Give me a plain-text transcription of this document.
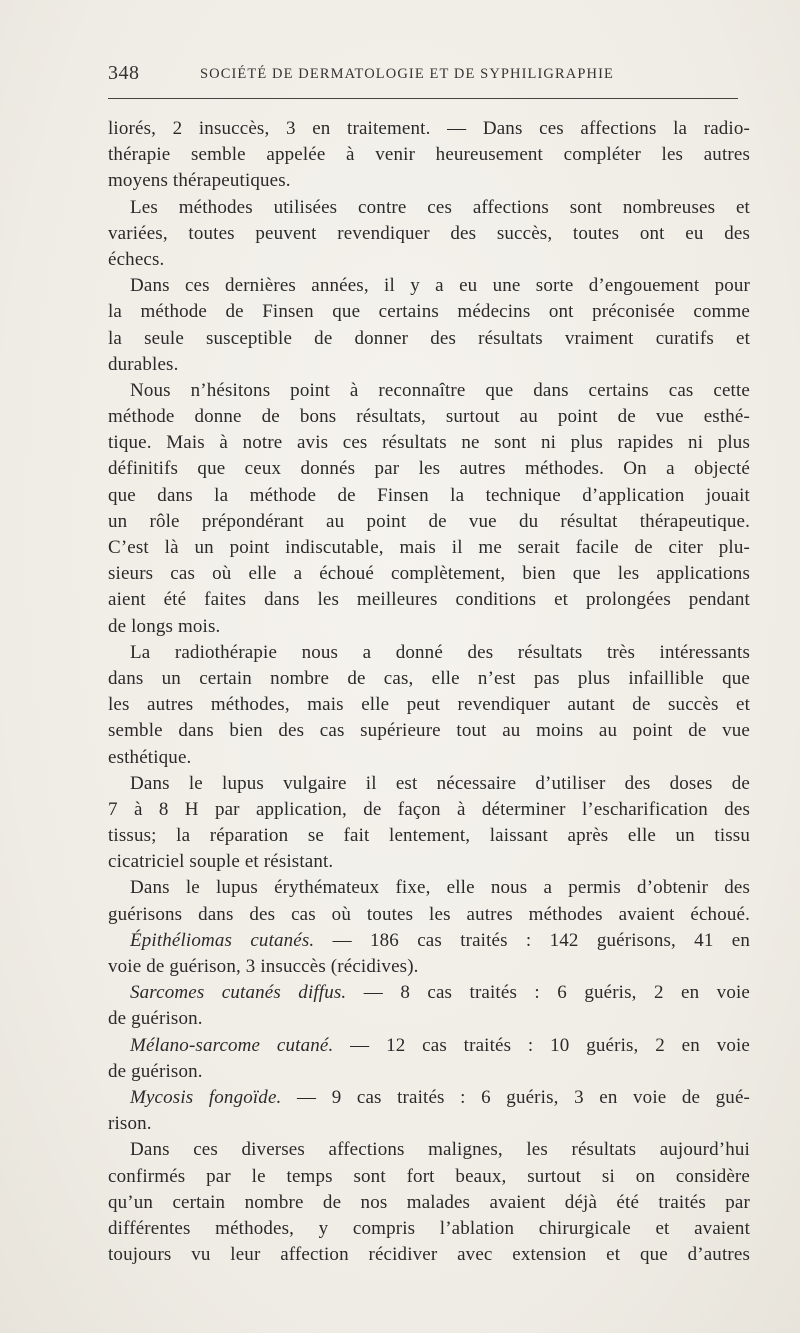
348	SOCIÉTÉ DE DERMATOLOGIE ET DE SYPHILIGRAPHIE
liorés, 2 insuccès, 3 en traitement. — Dans ces affections la radio-
thérapie semble appelée à venir heureusement compléter les autres
moyens thérapeutiques.
Les méthodes utilisées contre ces affections sont nombreuses et
variées, toutes peuvent revendiquer des succès, toutes ont eu des
échecs.
Dans ces dernières années, il y a eu une sorte d’engouement pour
la méthode de Finsen que certains médecins ont préconisée comme
la seule susceptible de donner des résultats vraiment curatifs et
durables.
Nous n’hésitons point à reconnaître que dans certains cas cette
méthode donne de bons résultats, surtout au point de vue esthé-
tique. Mais à notre avis ces résultats ne sont ni plus rapides ni plus
définitifs que ceux donnés par les autres méthodes. On a objecté
que dans la méthode de Finsen la technique d’application jouait
un rôle prépondérant au point de vue du résultat thérapeutique.
C’est là un point indiscutable, mais il me serait facile de citer plu-
sieurs cas où elle a échoué complètement, bien que les applications
aient été faites dans les meilleures conditions et prolongées pendant
de longs mois.
La radiothérapie nous a donné des résultats très intéressants
dans un certain nombre de cas, elle n’est pas plus infaillible que
les autres méthodes, mais elle peut revendiquer autant de succès et
semble dans bien des cas supérieure tout au moins au point de vue
esthétique.
Dans le lupus vulgaire il est nécessaire d’utiliser des doses de
7 à 8 H par application, de façon à déterminer l’escharification des
tissus; la réparation se fait lentement, laissant après elle un tissu
cicatriciel souple et résistant.
Dans le lupus érythémateux fixe, elle nous a permis d’obtenir des
guérisons dans des cas où toutes les autres méthodes avaient échoué.
Épithéliomas cutanés. — 186 cas traités : 142 guérisons, 41 en
voie de guérison, 3 insuccès (récidives).
Sarcomes cutanés diffus. — 8 cas traités : 6 guéris, 2 en voie
de guérison.
Mélano-sarcome cutané. — 12 cas traités : 10 guéris, 2 en voie
de guérison.
Mycosis fongoïde. — 9 cas traités : 6 guéris, 3 en voie de gué-
rison.
Dans ces diverses affections malignes, les résultats aujourd’hui
confirmés par le temps sont fort beaux, surtout si on considère
qu’un certain nombre de nos malades avaient déjà été traités par
différentes méthodes, y compris l’ablation chirurgicale et avaient
toujours vu leur affection récidiver avec extension et que d’autres
